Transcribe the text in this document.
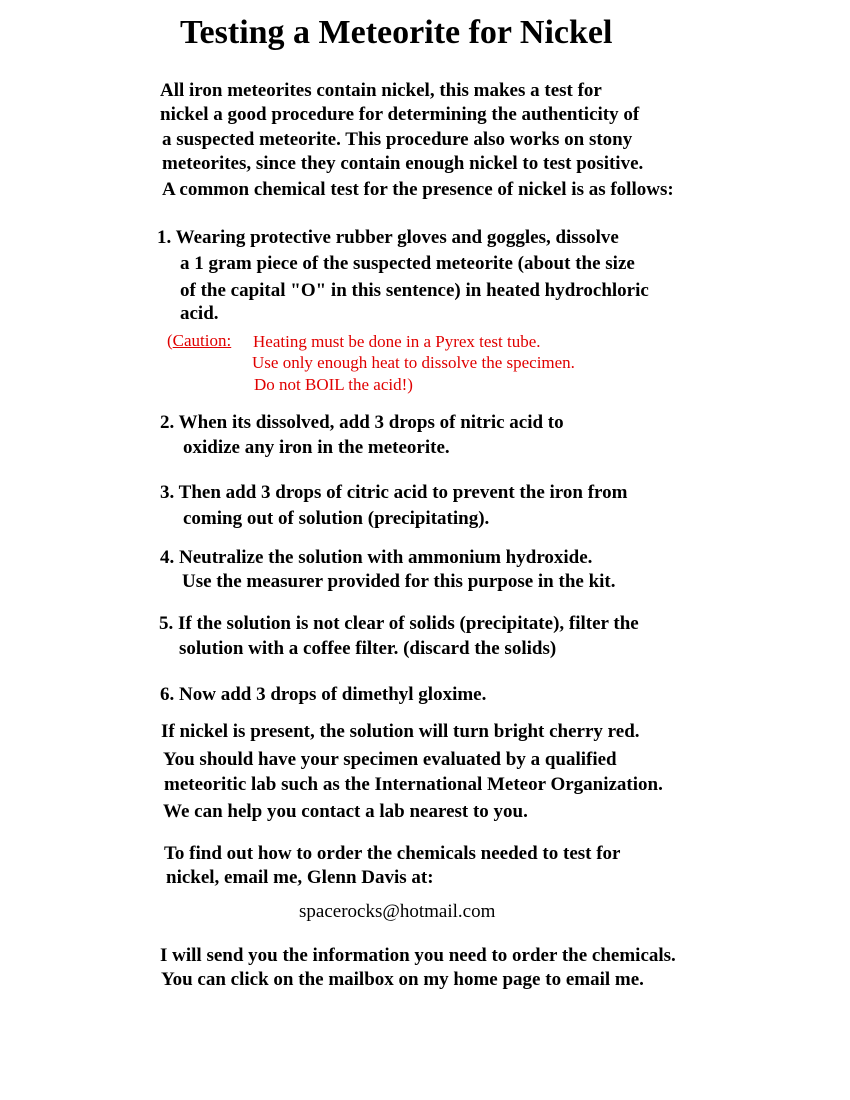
Testing a Meteorite for Nickel
All iron meteorites contain nickel, this makes a test for
nickel a good procedure for determining the authenticity of
a suspected meteorite. This procedure also works on stony
meteorites, since they contain enough nickel to test positive.
A common chemical test for the presence of nickel is as follows:
1. Wearing protective rubber gloves and goggles, dissolve
a 1 gram piece of the suspected meteorite (about the size
of the capital "O" in this sentence) in heated hydrochloric
acid.
(Caution: Heating must be done in a Pyrex test tube.
Use only enough heat to dissolve the specimen.
Do not BOIL the acid!)
2. When its dissolved, add 3 drops of nitric acid to
oxidize any iron in the meteorite.
3. Then add 3 drops of citric acid to prevent the iron from
coming out of solution (precipitating).
4. Neutralize the solution with ammonium hydroxide.
Use the measurer provided for this purpose in the kit.
5. If the solution is not clear of solids (precipitate), filter the
solution with a coffee filter. (discard the solids)
6. Now add 3 drops of dimethyl gloxime.
If nickel is present, the solution will turn bright cherry red.
You should have your specimen evaluated by a qualified
meteoritic lab such as the International Meteor Organization.
We can help you contact a lab nearest to you.
To find out how to order the chemicals needed to test for
nickel, email me, Glenn Davis at:
spacerocks@hotmail.com
I will send you the information you need to order the chemicals.
You can click on the mailbox on my home page to email me.
